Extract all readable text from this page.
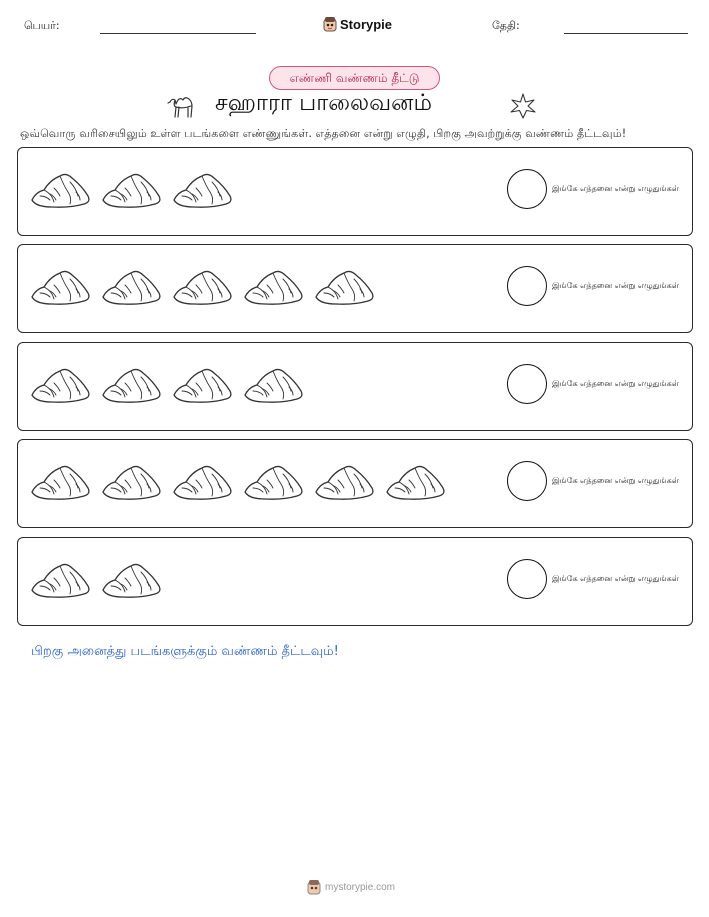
பெயர்:	Storypie	தேதி:
எண்ணி வண்ணம் தீட்டு
சஹாரா பாலைவனம்
ஒவ்வொரு வரிசையிலும் உள்ள படங்களை எண்ணுங்கள். எத்தனை என்று எழுதி, பிறகு அவற்றுக்கு வண்ணம் தீட்டவும்!
இங்கே எத்தனை என்று எழுதுங்கள்
இங்கே எத்தனை என்று எழுதுங்கள்
இங்கே எத்தனை என்று எழுதுங்கள்
இங்கே எத்தனை என்று எழுதுங்கள்
இங்கே எத்தனை என்று எழுதுங்கள்
பிறகு அனைத்து படங்களுக்கும் வண்ணம் தீட்டவும்!
mystorypie.com
